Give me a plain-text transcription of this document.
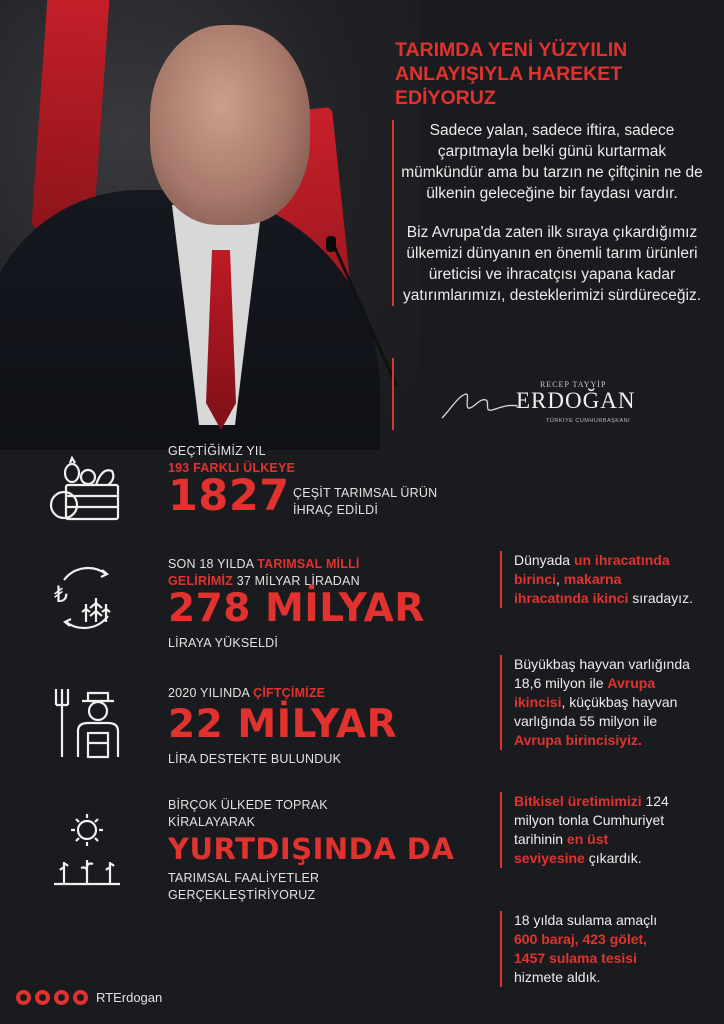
TARIMDA YENİ YÜZYILIN ANLAYIŞIYLA HAREKET EDİYORUZ

Sadece yalan, sadece iftira, sadece çarpıtmayla belki günü kurtarmak mümkündür ama bu tarzın ne çiftçinin ne de ülkenin geleceğine bir faydası vardır.

Biz Avrupa'da zaten ilk sıraya çıkardığımız ülkemizi dünyanın en önemli tarım ürünleri üreticisi ve ihracatçısı yapana kadar yatırımlarımızı, desteklerimizi sürdüreceğiz.

RECEP TAYYİP
ERDOĞAN
TÜRKİYE CUMHURBAŞKANI
GEÇTİĞİMİZ YIL
193 FARKLI ÜLKEYE
1827 ÇEŞİT TARIMSAL ÜRÜN İHRAÇ EDİLDİ
₺
SON 18 YILDA TARIMSAL MİLLİ GELİRİMİZ 37 MİLYAR LİRADAN
278 MİLYAR
LİRAYA YÜKSELDİ
2020 YILINDA ÇİFTÇİMİZE
22 MİLYAR
LİRA DESTEKTE BULUNDUK
BİRÇOK ÜLKEDE TOPRAK KİRALAYARAK
YURTDIŞINDA DA
TARIMSAL FAALİYETLER GERÇEKLEŞTİRİYORUZ
Dünyada un ihracatında birinci, makarna ihracatında ikinci sıradayız.
Büyükbaş hayvan varlığında 18,6 milyon ile Avrupa ikincisi, küçükbaş hayvan varlığında 55 milyon ile Avrupa birincisiyiz.
Bitkisel üretimimizi 124 milyon tonla Cumhuriyet tarihinin en üst seviyesine çıkardık.
18 yılda sulama amaçlı 600 baraj, 423 gölet, 1457 sulama tesisi hizmete aldık.
RTErdogan
